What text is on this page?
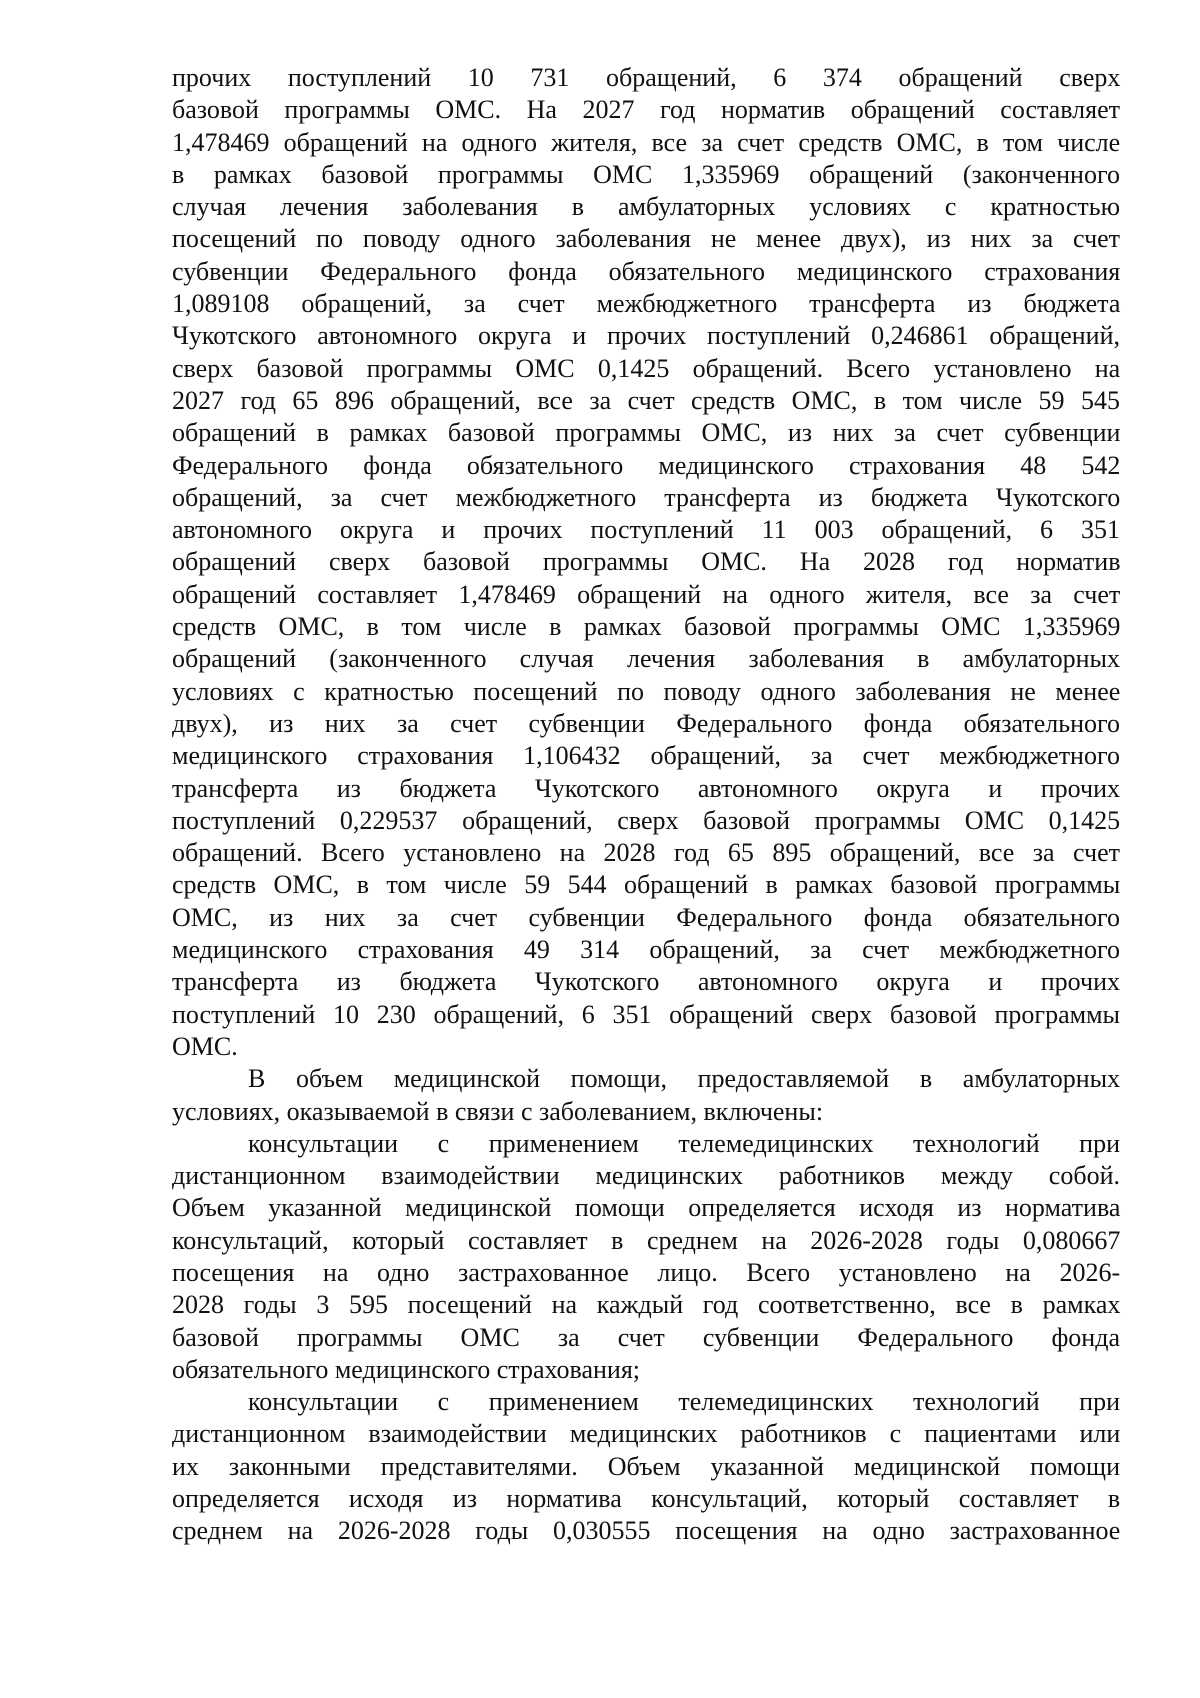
прочих поступлений 10 731 обращений, 6 374 обращений сверх
базовой программы ОМС. На 2027 год норматив обращений составляет
1,478469 обращений на одного жителя, все за счет средств ОМС, в том числе
в рамках базовой программы ОМС 1,335969 обращений (законченного
случая лечения заболевания в амбулаторных условиях с кратностью
посещений по поводу одного заболевания не менее двух), из них за счет
субвенции Федерального фонда обязательного медицинского страхования
1,089108 обращений, за счет межбюджетного трансферта из бюджета
Чукотского автономного округа и прочих поступлений 0,246861 обращений,
сверх базовой программы ОМС 0,1425 обращений. Всего установлено на
2027 год 65 896 обращений, все за счет средств ОМС, в том числе 59 545
обращений в рамках базовой программы ОМС, из них за счет субвенции
Федерального фонда обязательного медицинского страхования 48 542
обращений, за счет межбюджетного трансферта из бюджета Чукотского
автономного округа и прочих поступлений 11 003 обращений, 6 351
обращений сверх базовой программы ОМС. На 2028 год норматив
обращений составляет 1,478469 обращений на одного жителя, все за счет
средств ОМС, в том числе в рамках базовой программы ОМС 1,335969
обращений (законченного случая лечения заболевания в амбулаторных
условиях с кратностью посещений по поводу одного заболевания не менее
двух), из них за счет субвенции Федерального фонда обязательного
медицинского страхования 1,106432 обращений, за счет межбюджетного
трансферта из бюджета Чукотского автономного округа и прочих
поступлений 0,229537 обращений, сверх базовой программы ОМС 0,1425
обращений. Всего установлено на 2028 год 65 895 обращений, все за счет
средств ОМС, в том числе 59 544 обращений в рамках базовой программы
ОМС, из них за счет субвенции Федерального фонда обязательного
медицинского страхования 49 314 обращений, за счет межбюджетного
трансферта из бюджета Чукотского автономного округа и прочих
поступлений 10 230 обращений, 6 351 обращений сверх базовой программы
ОМС.
В объем медицинской помощи, предоставляемой в амбулаторных
условиях, оказываемой в связи с заболеванием, включены:
консультации с применением телемедицинских технологий при
дистанционном взаимодействии медицинских работников между собой.
Объем указанной медицинской помощи определяется исходя из норматива
консультаций, который составляет в среднем на 2026-2028 годы 0,080667
посещения на одно застрахованное лицо. Всего установлено на 2026-
2028 годы 3 595 посещений на каждый год соответственно, все в рамках
базовой программы ОМС за счет субвенции Федерального фонда
обязательного медицинского страхования;
консультации с применением телемедицинских технологий при
дистанционном взаимодействии медицинских работников с пациентами или
их законными представителями. Объем указанной медицинской помощи
определяется исходя из норматива консультаций, который составляет в
среднем на 2026-2028 годы 0,030555 посещения на одно застрахованное
